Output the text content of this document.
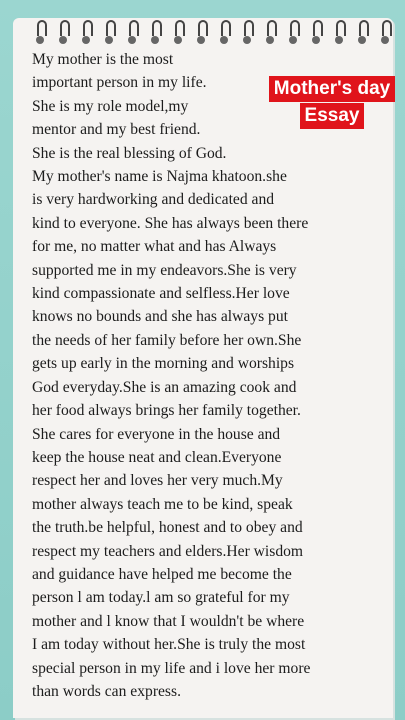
My mother is the most
important person in my life.
She is my role model,my
mentor and my best friend.
She is the real blessing of God.
My mother's name is Najma khatoon.she
is very hardworking and dedicated and
kind to everyone. She has always been there
for me, no matter what and has Always
supported me in my endeavors.She is very
kind compassionate and selfless.Her love
knows no bounds and she has always put
the needs of her family before her own.She
gets up early in the morning and worships
God everyday.She is an amazing cook and
her food always brings her family together.
She cares for everyone in the house and
keep the house neat and clean.Everyone
respect her and loves her very much.My
mother always teach me to be kind, speak
the truth.be helpful, honest and to obey and
respect my teachers and elders.Her wisdom
and guidance have helped me become the
person l am today.l am so grateful for my
mother and l know that I wouldn't be where
I am today without her.She is truly the most
special person in my life and i love her more
than words can express.

Mother's day
Essay
